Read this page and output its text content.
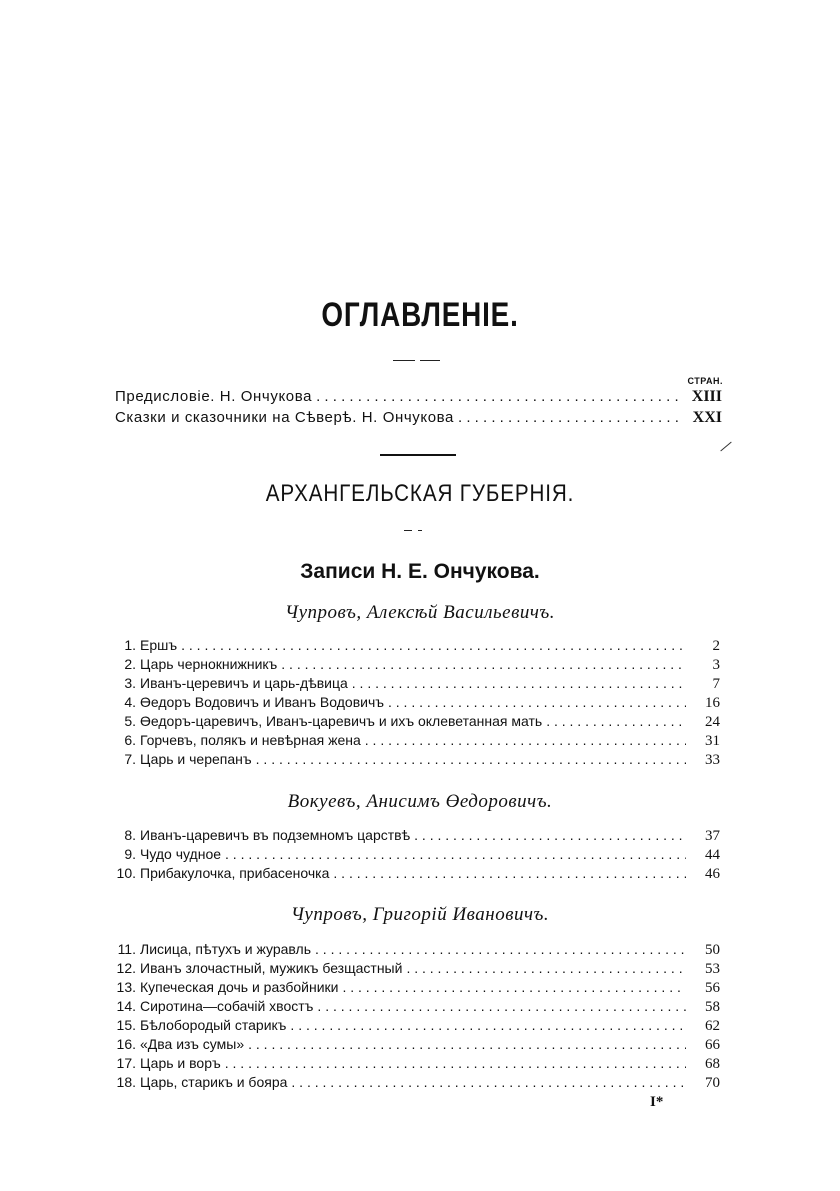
ОГЛАВЛЕНІЕ.
СТРАН.
Предисловіе. Н. Ончукова . . .	XIII
Сказки и сказочники на Сѣверѣ. Н. Ончукова . . .	XXI
АРХАНГЕЛЬСКАЯ ГУБЕРНІЯ.
Записи Н. Е. Ончукова.
Чупровъ, Алексѣй Васильевичъ.
1. Ершъ . . .	2
2. Царь чернокнижникъ . . .	3
3. Иванъ-церевичъ и царь-дѣвица . . .	7
4. Өедоръ Водовичъ и Иванъ Водовичъ . . .	16
5. Өедоръ-царевичъ, Иванъ-царевичъ и ихъ оклеветанная мать . . .	24
6. Горчевъ, полякъ и невѣрная жена . . .	31
7. Царь и черепанъ . . .	33
Вокуевъ, Анисимъ Өедоровичъ.
8. Иванъ-царевичъ въ подземномъ царствѣ . . .	37
9. Чудо чудное . . .	44
10. Прибакулочка, прибасеночка . . .	46
Чупровъ, Григорій Ивановичъ.
11. Лисица, пѣтухъ и журавль . . .	50
12. Иванъ злочастный, мужикъ безщастный . . .	53
13. Купеческая дочь и разбойники . . .	56
14. Сиротина—собачій хвостъ . . .	58
15. Бѣлобородый старикъ . . .	62
16. «Два изъ сумы» . . .	66
17. Царь и воръ . . .	68
18. Царь, старикъ и бояра . . .	70
I*
